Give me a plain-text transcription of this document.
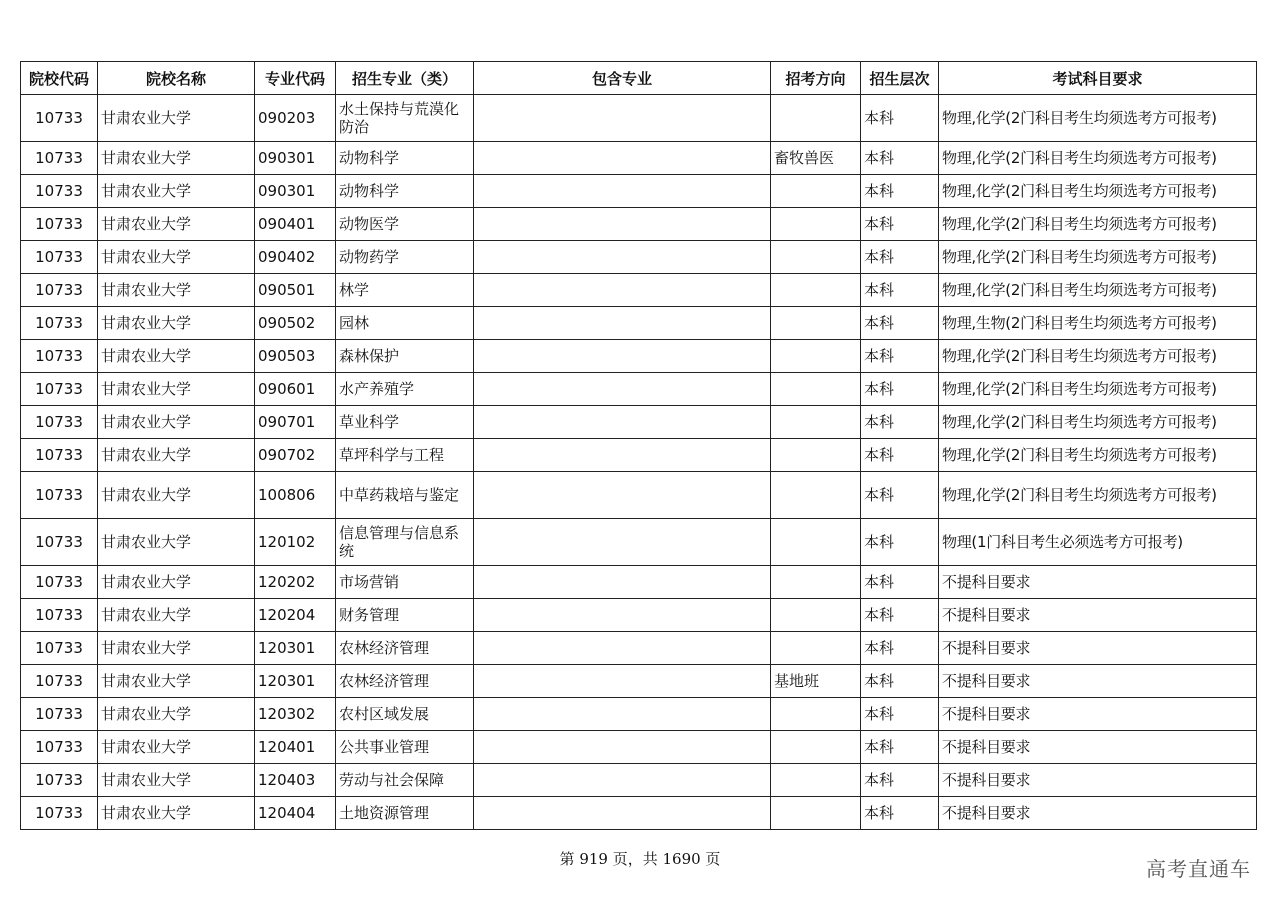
院校代码	院校名称	专业代码	招生专业（类）	包含专业	招考方向	招生层次	考试科目要求
10733	甘肃农业大学	090203	水土保持与荒漠化防治			本科	物理,化学(2门科目考生均须选考方可报考)
10733	甘肃农业大学	090301	动物科学		畜牧兽医	本科	物理,化学(2门科目考生均须选考方可报考)
10733	甘肃农业大学	090301	动物科学			本科	物理,化学(2门科目考生均须选考方可报考)
10733	甘肃农业大学	090401	动物医学			本科	物理,化学(2门科目考生均须选考方可报考)
10733	甘肃农业大学	090402	动物药学			本科	物理,化学(2门科目考生均须选考方可报考)
10733	甘肃农业大学	090501	林学			本科	物理,化学(2门科目考生均须选考方可报考)
10733	甘肃农业大学	090502	园林			本科	物理,生物(2门科目考生均须选考方可报考)
10733	甘肃农业大学	090503	森林保护			本科	物理,化学(2门科目考生均须选考方可报考)
10733	甘肃农业大学	090601	水产养殖学			本科	物理,化学(2门科目考生均须选考方可报考)
10733	甘肃农业大学	090701	草业科学			本科	物理,化学(2门科目考生均须选考方可报考)
10733	甘肃农业大学	090702	草坪科学与工程			本科	物理,化学(2门科目考生均须选考方可报考)
10733	甘肃农业大学	100806	中草药栽培与鉴定			本科	物理,化学(2门科目考生均须选考方可报考)
10733	甘肃农业大学	120102	信息管理与信息系统			本科	物理(1门科目考生必须选考方可报考)
10733	甘肃农业大学	120202	市场营销			本科	不提科目要求
10733	甘肃农业大学	120204	财务管理			本科	不提科目要求
10733	甘肃农业大学	120301	农林经济管理			本科	不提科目要求
10733	甘肃农业大学	120301	农林经济管理		基地班	本科	不提科目要求
10733	甘肃农业大学	120302	农村区域发展			本科	不提科目要求
10733	甘肃农业大学	120401	公共事业管理			本科	不提科目要求
10733	甘肃农业大学	120403	劳动与社会保障			本科	不提科目要求
10733	甘肃农业大学	120404	土地资源管理			本科	不提科目要求
第 919 页，共 1690 页	高考直通车
